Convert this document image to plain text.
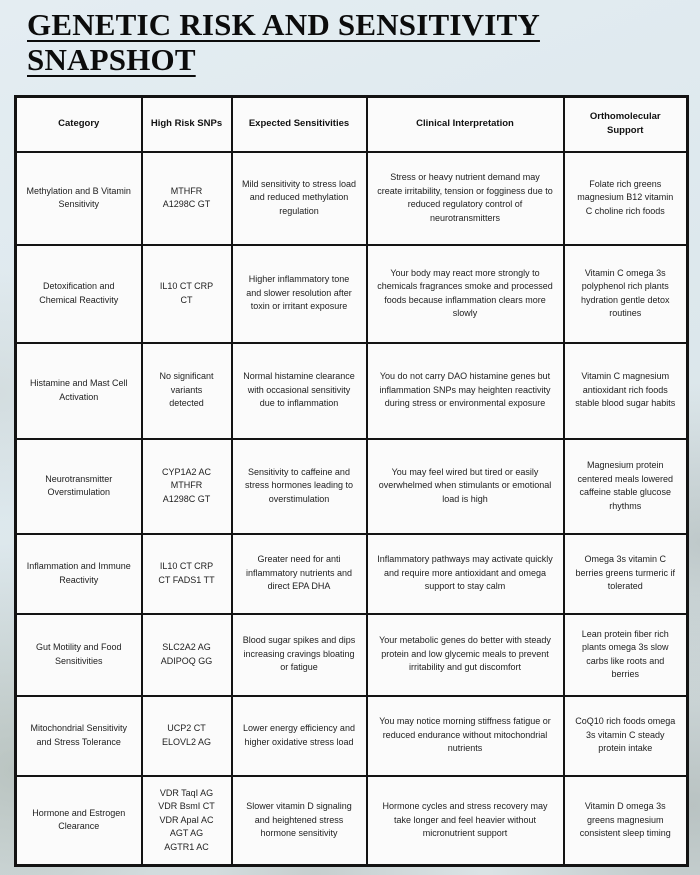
GENETIC RISK AND SENSITIVITY SNAPSHOT
Category	High Risk SNPs	Expected Sensitivities	Clinical Interpretation	Orthomolecular Support
Methylation and B Vitamin Sensitivity	MTHFR A1298C GT	Mild sensitivity to stress load and reduced methylation regulation	Stress or heavy nutrient demand may create irritability, tension or fogginess due to reduced regulatory control of neurotransmitters	Folate rich greens magnesium B12 vitamin C choline rich foods
Detoxification and Chemical Reactivity	IL10 CT CRP CT	Higher inflammatory tone and slower resolution after toxin or irritant exposure	Your body may react more strongly to chemicals fragrances smoke and processed foods because inflammation clears more slowly	Vitamin C omega 3s polyphenol rich plants hydration gentle detox routines
Histamine and Mast Cell Activation	No significant variants detected	Normal histamine clearance with occasional sensitivity due to inflammation	You do not carry DAO histamine genes but inflammation SNPs may heighten reactivity during stress or environmental exposure	Vitamin C magnesium antioxidant rich foods stable blood sugar habits
Neurotransmitter Overstimulation	CYP1A2 AC MTHFR A1298C GT	Sensitivity to caffeine and stress hormones leading to overstimulation	You may feel wired but tired or easily overwhelmed when stimulants or emotional load is high	Magnesium protein centered meals lowered caffeine stable glucose rhythms
Inflammation and Immune Reactivity	IL10 CT CRP CT FADS1 TT	Greater need for anti inflammatory nutrients and direct EPA DHA	Inflammatory pathways may activate quickly and require more antioxidant and omega support to stay calm	Omega 3s vitamin C berries greens turmeric if tolerated
Gut Motility and Food Sensitivities	SLC2A2 AG ADIPOQ GG	Blood sugar spikes and dips increasing cravings bloating or fatigue	Your metabolic genes do better with steady protein and low glycemic meals to prevent irritability and gut discomfort	Lean protein fiber rich plants omega 3s slow carbs like roots and berries
Mitochondrial Sensitivity and Stress Tolerance	UCP2 CT ELOVL2 AG	Lower energy efficiency and higher oxidative stress load	You may notice morning stiffness fatigue or reduced endurance without mitochondrial nutrients	CoQ10 rich foods omega 3s vitamin C steady protein intake
Hormone and Estrogen Clearance	VDR TaqI AG VDR BsmI CT VDR ApaI AC AGT AG AGTR1 AC	Slower vitamin D signaling and heightened stress hormone sensitivity	Hormone cycles and stress recovery may take longer and feel heavier without micronutrient support	Vitamin D omega 3s greens magnesium consistent sleep timing
